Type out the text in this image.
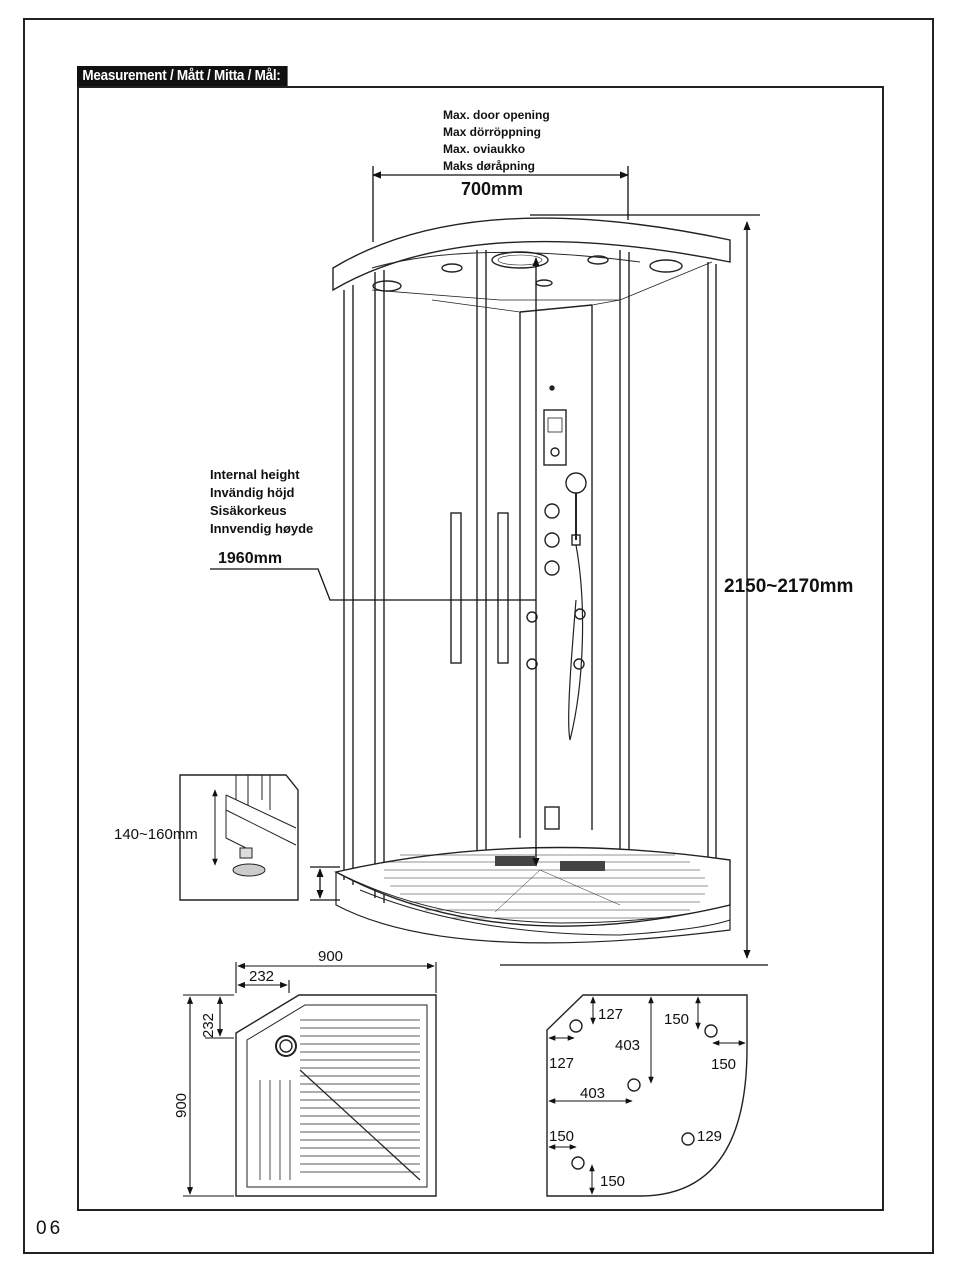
Measurement / Mått / Mitta / Mål:
Max. door opening
Max dörröppning
Max. oviaukko
Maks døråpning
700mm
2150~2170mm
Internal height
Invändig höjd
Sisäkorkeus
Innvendig høyde
1960mm
140~160mm
900
232
232
900
127	150
403
127	150
403
150	129
150
06
